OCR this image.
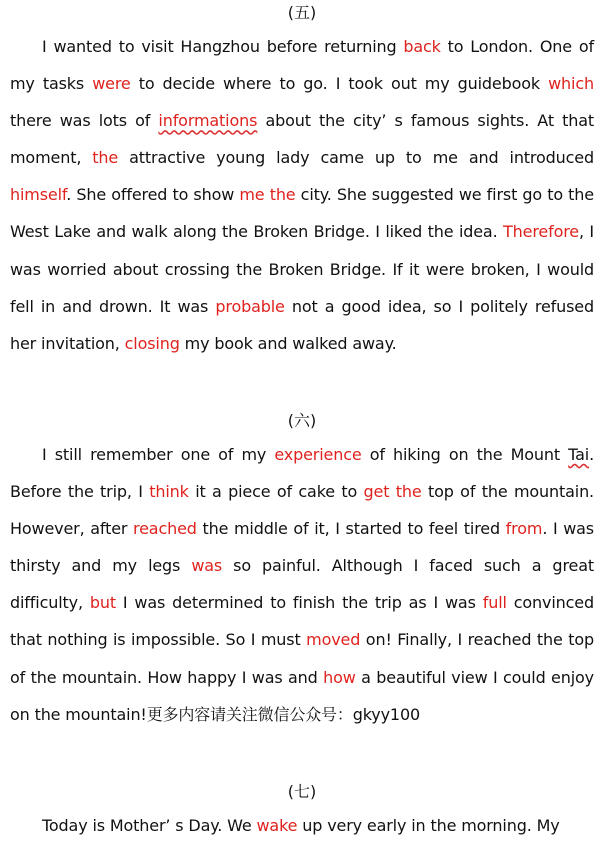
(五)
I wanted to visit Hangzhou before returning back to London. One of my tasks were to decide where to go. I took out my guidebook which there was lots of informations about the city’ s famous sights. At that moment, the attractive young lady came up to me and introduced himself. She offered to show me the city. She suggested we first go to the West Lake and walk along the Broken Bridge. I liked the idea. Therefore, I was worried about crossing the Broken Bridge. If it were broken, I would fell in and drown. It was probable not a good idea, so I politely refused her invitation, closing my book and walked away.
(六)
I still remember one of my experience of hiking on the Mount Tai. Before the trip, I think it a piece of cake to get the top of the mountain. However, after reached the middle of it, I started to feel tired from. I was thirsty and my legs was so painful. Although I faced such a great difficulty, but I was determined to finish the trip as I was full convinced that nothing is impossible. So I must moved on! Finally, I reached the top of the mountain. How happy I was and how a beautiful view I could enjoy on the mountain!更多内容请关注微信公众号：gkyy100
(七)
Today is Mother’ s Day. We wake up very early in the morning. My
